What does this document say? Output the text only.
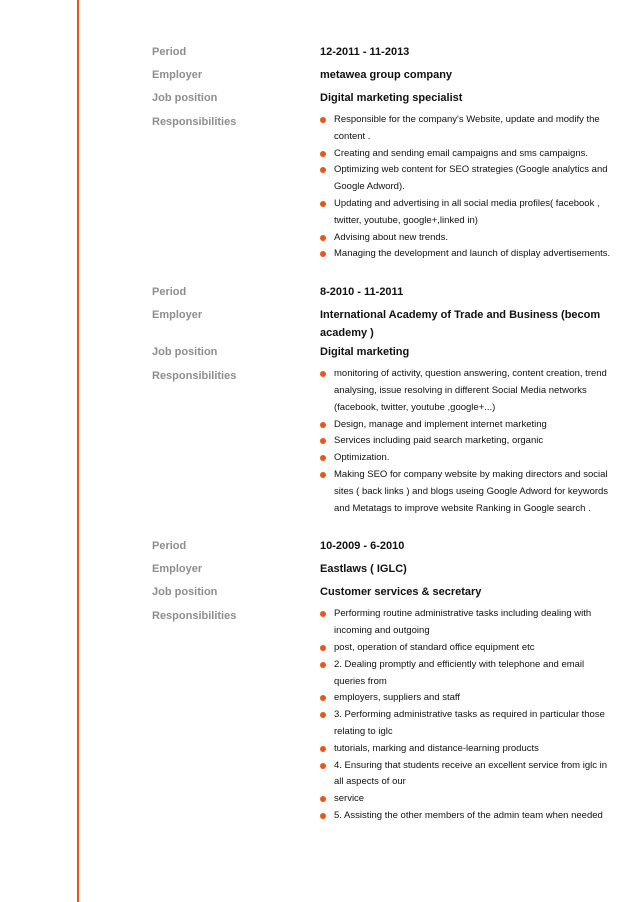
Period	12-2011 - 11-2013
Employer	metawea group company
Job position	Digital marketing specialist
Responsibilities	Responsible for the company's Website, update and modify the content .
Creating and sending email campaigns and sms campaigns.
Optimizing web content for SEO strategies (Google analytics and Google Adword).
Updating and advertising in all social media profiles( facebook , twitter, youtube, google+,linked in)
Advising about new trends.
Managing the development and launch of display advertisements.
Period	8-2010 - 11-2011
Employer	International Academy of Trade and Business (becom academy )
Job position	Digital marketing
Responsibilities	monitoring of activity, question answering, content creation, trend analysing, issue resolving in different Social Media networks (facebook, twitter, youtube ,google+...)
Design, manage and implement internet marketing
Services including paid search marketing, organic
Optimization.
Making SEO for company website by making directors and social sites ( back links ) and blogs useing Google Adword for keywords and Metatags to improve website Ranking in Google search .
Period	10-2009 - 6-2010
Employer	Eastlaws ( IGLC)
Job position	Customer services & secretary
Responsibilities	Performing routine administrative tasks including dealing with incoming and outgoing
post, operation of standard office equipment etc
2. Dealing promptly and efficiently with telephone and email queries from
employers, suppliers and staff
3. Performing administrative tasks as required in particular those relating to iglc
tutorials, marking and distance-learning products
4. Ensuring that students receive an excellent service from iglc in all aspects of our
service
5. Assisting the other members of the admin team when needed
